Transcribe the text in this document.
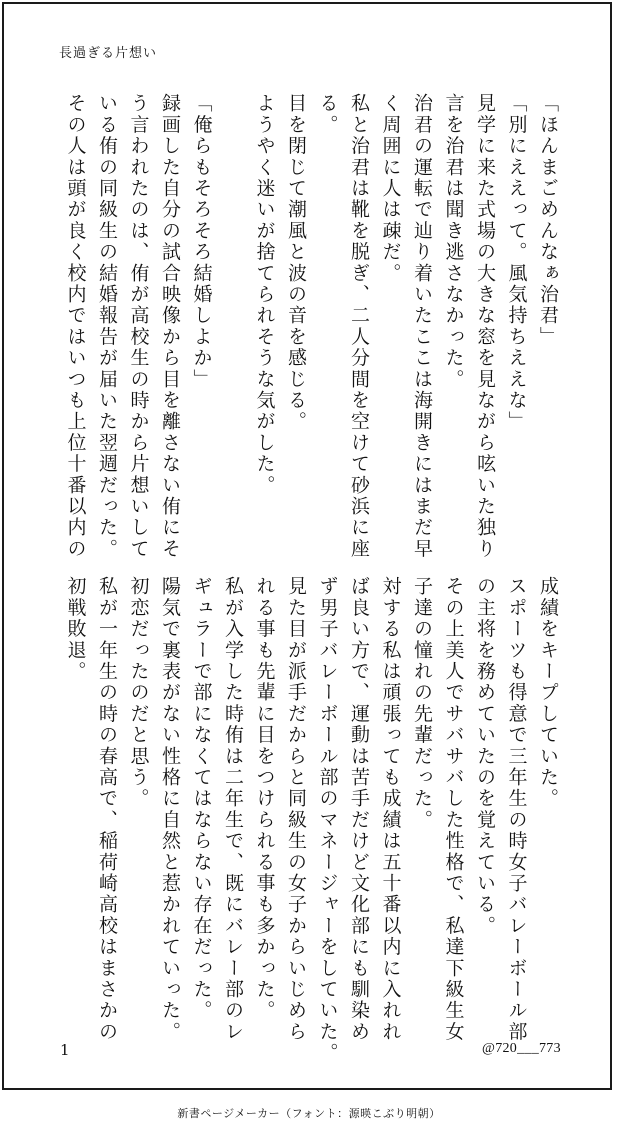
長過ぎる片想い
「ほんまごめんなぁ治君」
「別にええって。風気持ちええな」
見学に来た式場の大きな窓を見ながら呟いた独り
言を治君は聞き逃さなかった。
治君の運転で辿り着いたここは海開きにはまだ早
く周囲に人は疎だ。
私と治君は靴を脱ぎ、二人分間を空けて砂浜に座
る。
目を閉じて潮風と波の音を感じる。
ようやく迷いが捨てられそうな気がした。
「俺らもそろそろ結婚しよか」
録画した自分の試合映像から目を離さない侑にそ
う言われたのは、侑が高校生の時から片想いして
いる侑の同級生の結婚報告が届いた翌週だった。
その人は頭が良く校内ではいつも上位十番以内の
成績をキープしていた。
スポーツも得意で三年生の時女子バレーボール部
の主将を務めていたのを覚えている。
その上美人でサバサバした性格で、私達下級生女
子達の憧れの先輩だった。
対する私は頑張っても成績は五十番以内に入れれ
ば良い方で、運動は苦手だけど文化部にも馴染め
ず男子バレーボール部のマネージャーをしていた。
見た目が派手だからと同級生の女子からいじめら
れる事も先輩に目をつけられる事も多かった。
私が入学した時侑は二年生で、既にバレー部のレ
ギュラーで部になくてはならない存在だった。
陽気で裏表がない性格に自然と惹かれていった。
初恋だったのだと思う。
私が一年生の時の春高で、稲荷崎高校はまさかの
初戦敗退。
1	@720___773
新書ページメーカー（フォント：源暎こぶり明朝）
